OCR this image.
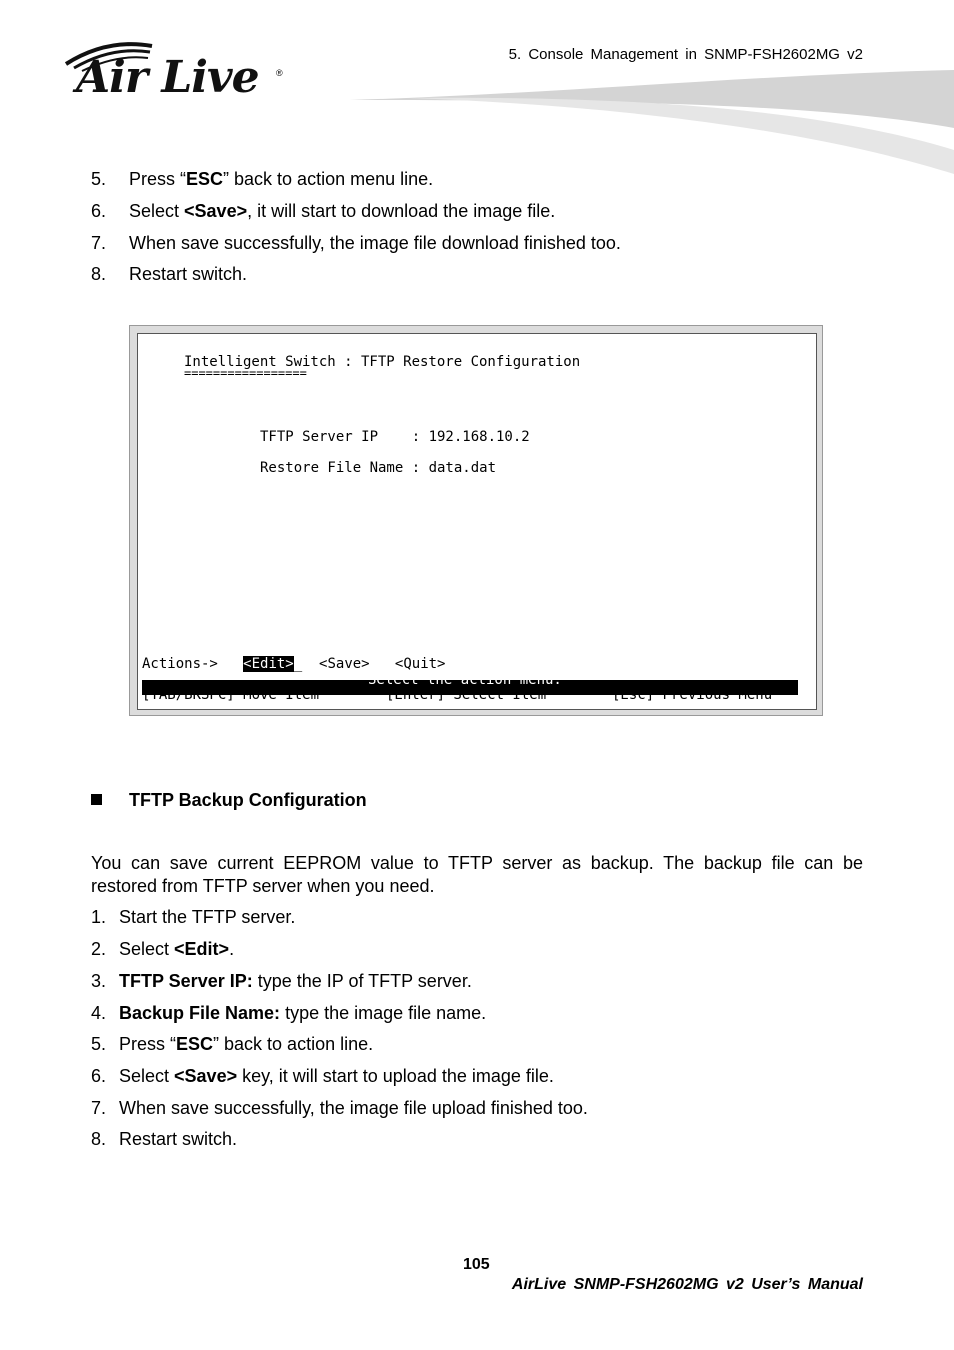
Air Live ®
5. Console Management in SNMP-FSH2602MG v2
5. Press “ESC” back to action menu line.
6. Select <Save>, it will start to download the image file.
7. When save successfully, the image file download finished too.
8. Restart switch.
Intelligent Switch : TFTP Restore Configuration
=================
TFTP Server IP    : 192.168.10.2
Restore File Name : data.dat
Actions-> <Edit>_ <Save> <Quit>
Select the action menu.
[TAB/BKSPC] Move Item	[Enter] Select Item	[Esc] Previous Menu
TFTP Backup Configuration
You can save current EEPROM value to TFTP server as backup. The backup file can be restored from TFTP server when you need.
1. Start the TFTP server.
2. Select <Edit>.
3. TFTP Server IP: type the IP of TFTP server.
4. Backup File Name: type the image file name.
5. Press “ESC” back to action line.
6. Select <Save> key, it will start to upload the image file.
7. When save successfully, the image file upload finished too.
8. Restart switch.
105
AirLive SNMP-FSH2602MG v2 User’s Manual
